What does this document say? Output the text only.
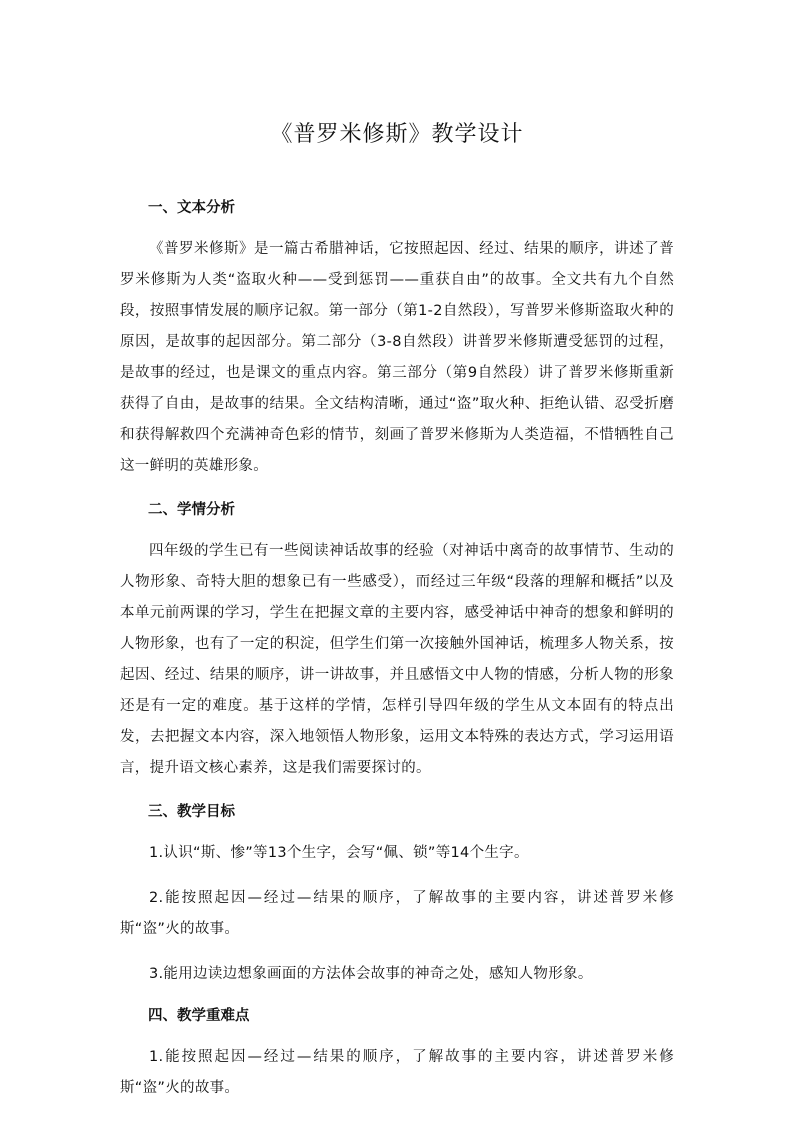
《普罗米修斯》教学设计
一、文本分析

《普罗米修斯》是一篇古希腊神话，它按照起因、经过、结果的顺序，讲述了普罗米修斯为人类“盗取火种——受到惩罚——重获自由”的故事。全文共有九个自然段，按照事情发展的顺序记叙。第一部分（第1-2自然段），写普罗米修斯盗取火种的原因，是故事的起因部分。第二部分（3-8自然段）讲普罗米修斯遭受惩罚的过程，是故事的经过，也是课文的重点内容。第三部分（第9自然段）讲了普罗米修斯重新获得了自由，是故事的结果。全文结构清晰，通过“盗”取火种、拒绝认错、忍受折磨和获得解救四个充满神奇色彩的情节，刻画了普罗米修斯为人类造福，不惜牺牲自己这一鲜明的英雄形象。

二、学情分析

四年级的学生已有一些阅读神话故事的经验（对神话中离奇的故事情节、生动的人物形象、奇特大胆的想象已有一些感受），而经过三年级“段落的理解和概括”以及本单元前两课的学习，学生在把握文章的主要内容，感受神话中神奇的想象和鲜明的人物形象，也有了一定的积淀，但学生们第一次接触外国神话，梳理多人物关系，按起因、经过、结果的顺序，讲一讲故事，并且感悟文中人物的情感，分析人物的形象还是有一定的难度。基于这样的学情，怎样引导四年级的学生从文本固有的特点出发，去把握文本内容，深入地领悟人物形象，运用文本特殊的表达方式，学习运用语言，提升语文核心素养，这是我们需要探讨的。

三、教学目标

1.认识“斯、惨”等13个生字，会写“佩、锁”等14个生字。

2.能按照起因—经过—结果的顺序，了解故事的主要内容，讲述普罗米修斯“盗”火的故事。

3.能用边读边想象画面的方法体会故事的神奇之处，感知人物形象。

四、教学重难点

1.能按照起因—经过—结果的顺序，了解故事的主要内容，讲述普罗米修斯“盗”火的故事。
